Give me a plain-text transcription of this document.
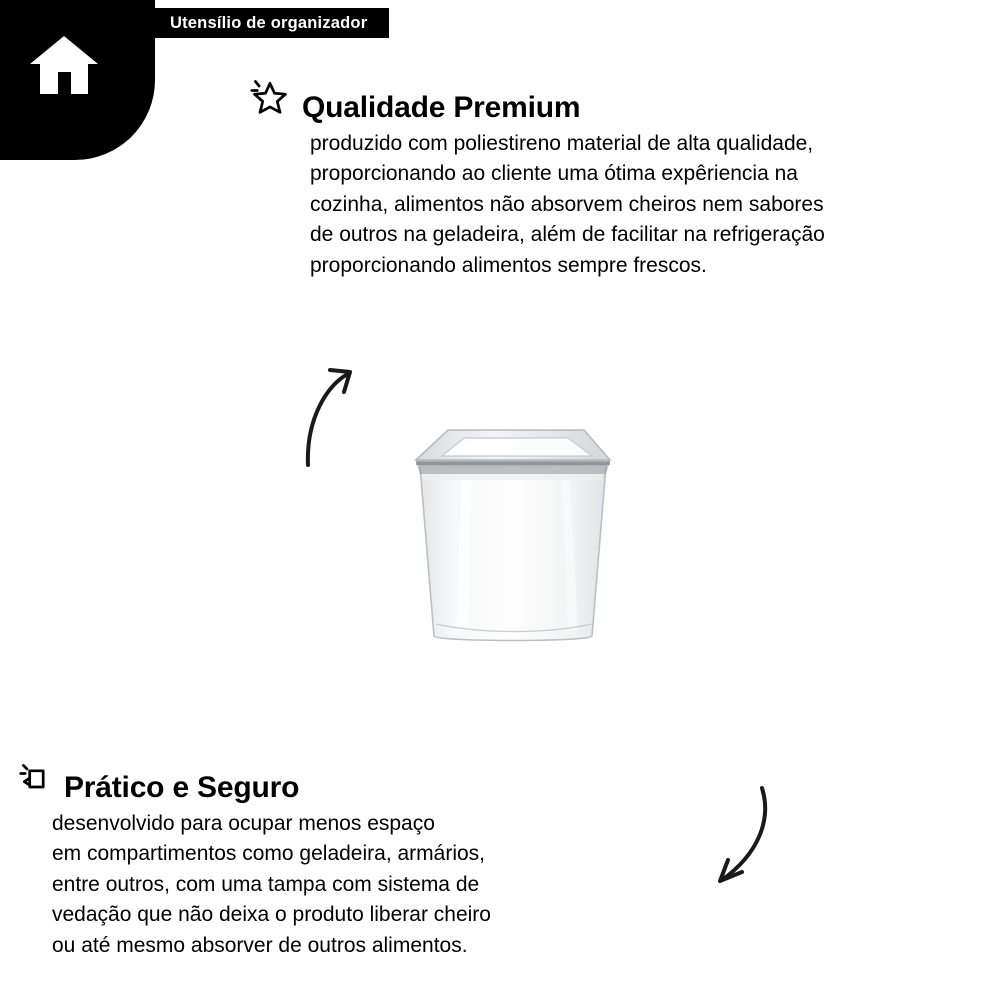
Utensílio de organizador
Qualidade Premium
produzido com poliestireno material de alta qualidade,
proporcionando ao cliente uma ótima expêriencia na
cozinha, alimentos não absorvem cheiros nem sabores
de outros na geladeira, além de facilitar na refrigeração
proporcionando alimentos sempre frescos.
Prático e Seguro
desenvolvido para ocupar menos espaço
em compartimentos como geladeira, armários,
entre outros, com uma tampa com sistema de
vedação que não deixa o produto liberar cheiro
ou até mesmo absorver de outros alimentos.
